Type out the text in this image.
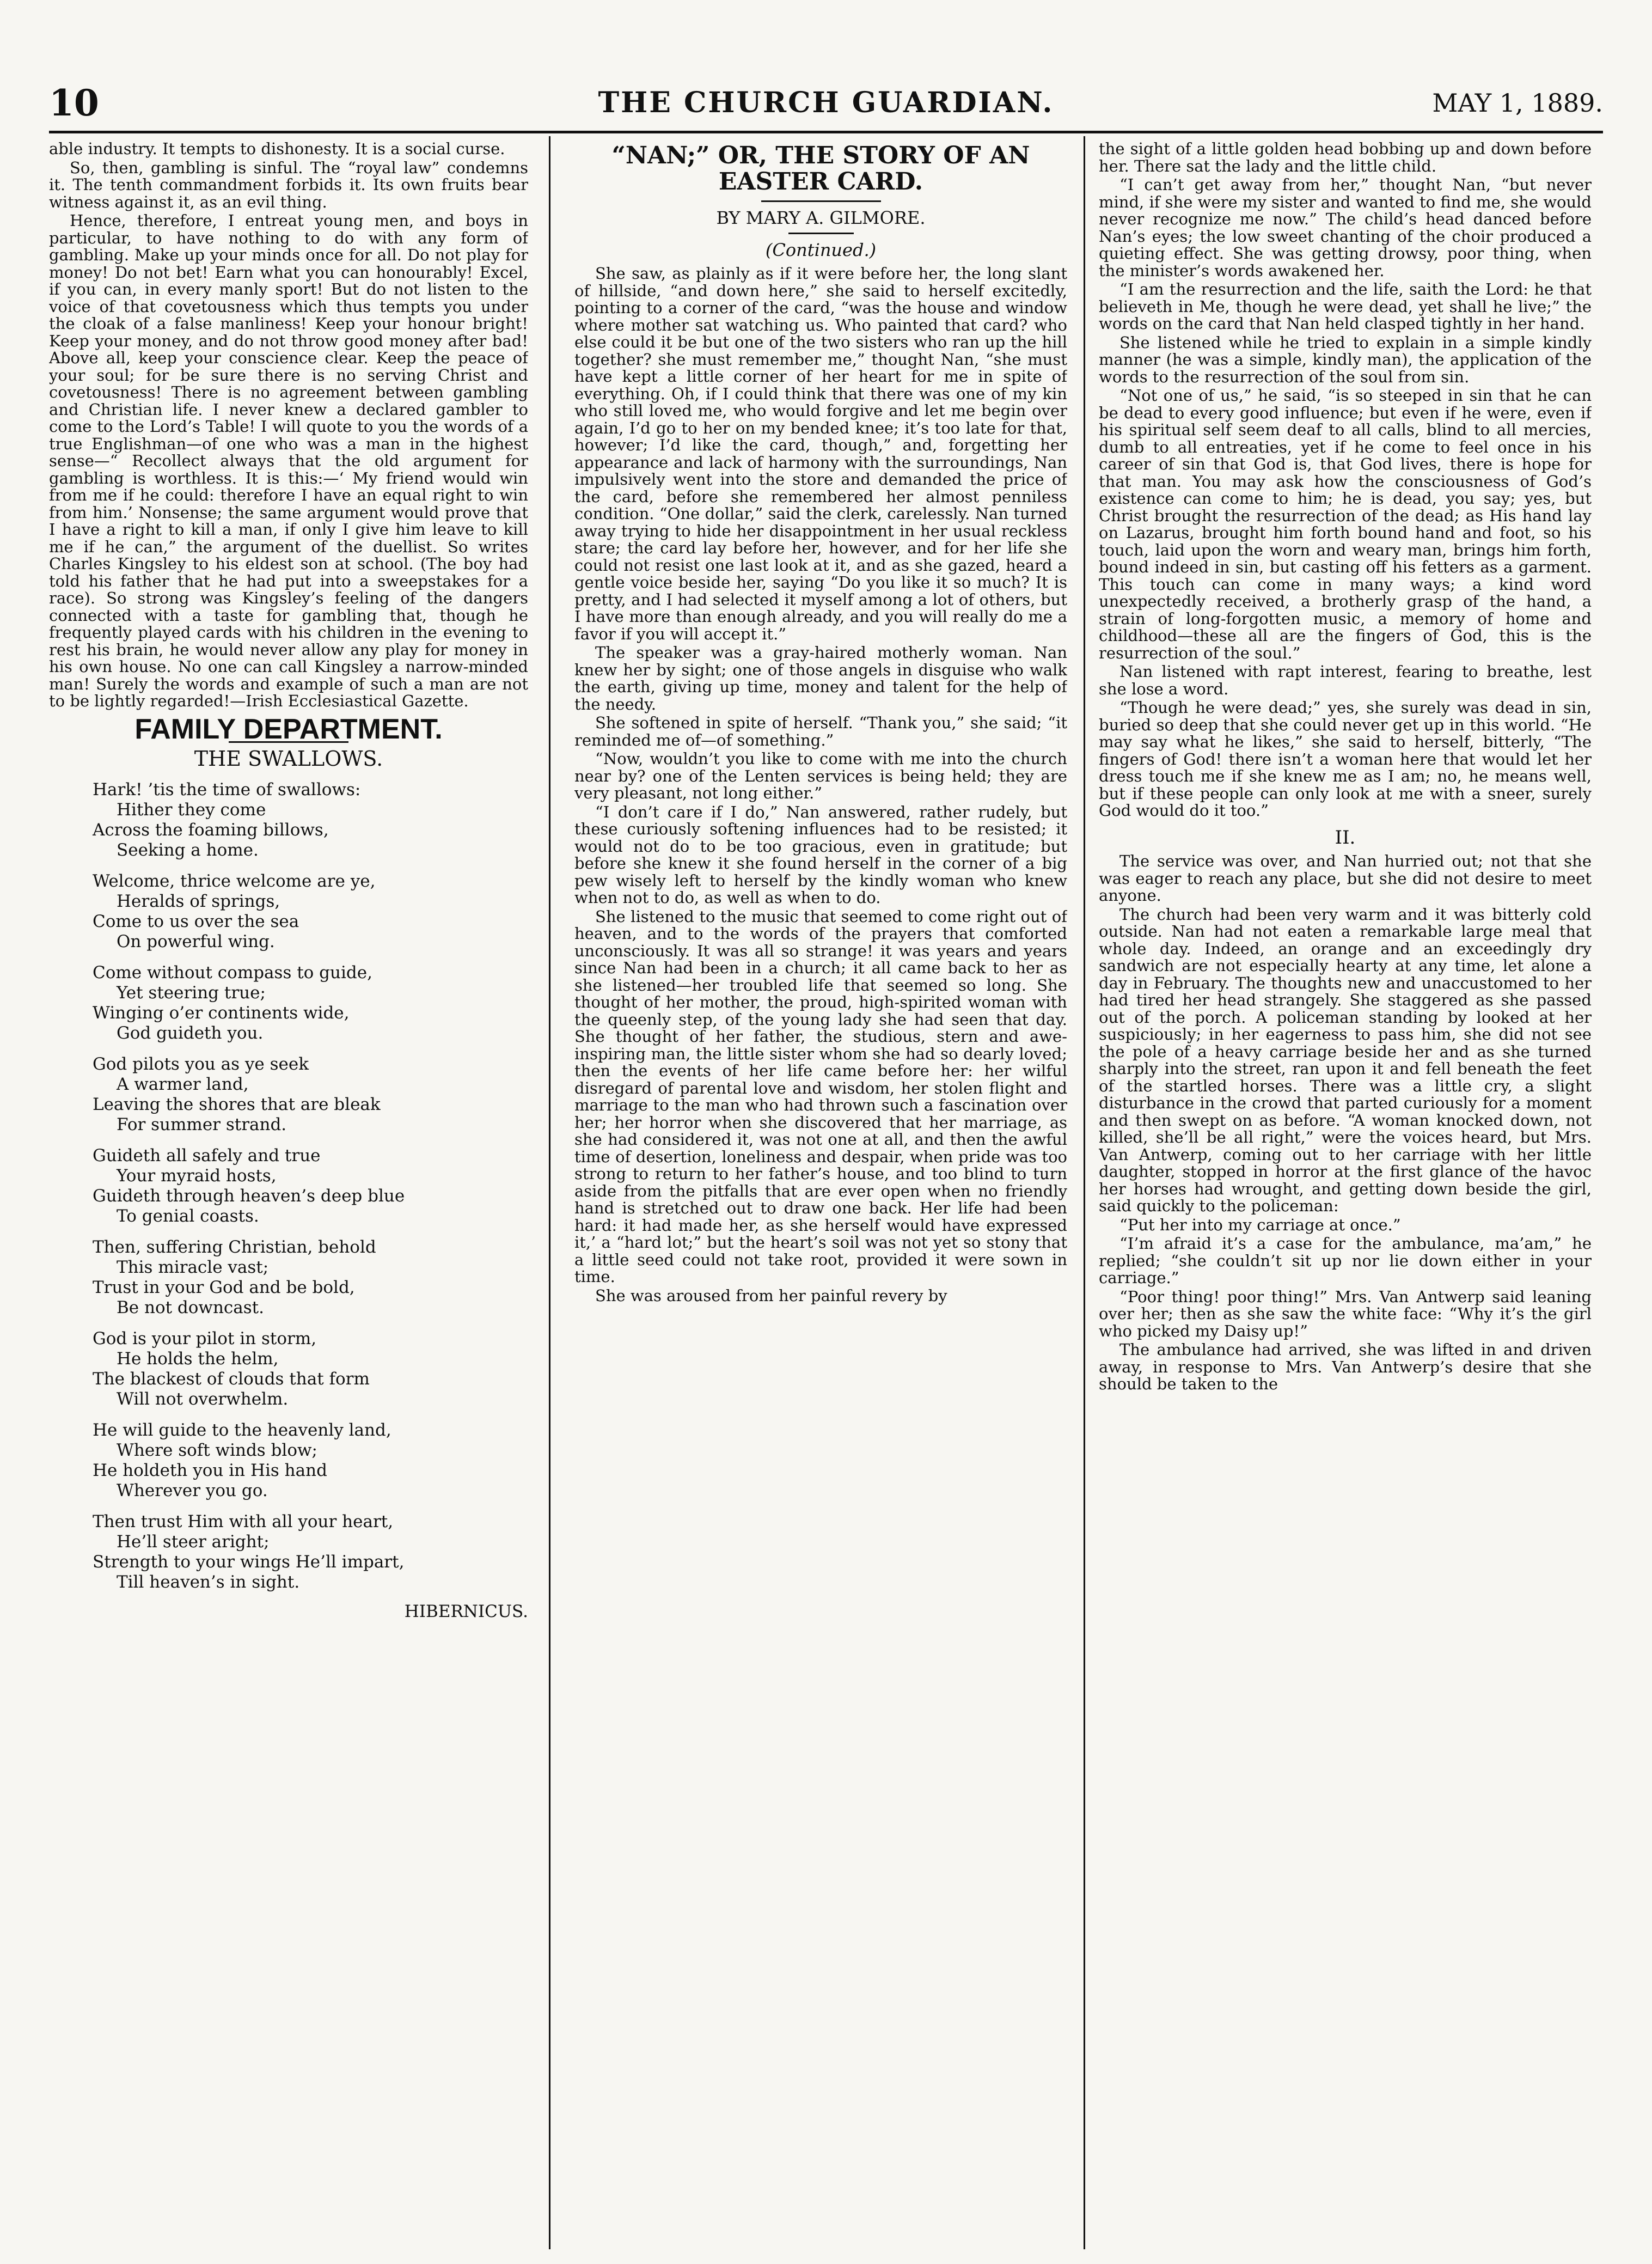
10	THE CHURCH GUARDIAN.	MAY 1, 1889.

able industry. It tempts to dishonesty. It is a social curse.

So, then, gambling is sinful. The “royal law” condemns it. The tenth commandment forbids it. Its own fruits bear witness against it, as an evil thing.

Hence, therefore, I entreat young men, and boys in particular, to have nothing to do with any form of gambling. Make up your minds once for all. Do not play for money! Do not bet! Earn what you can honourably! Excel, if you can, in every manly sport! But do not listen to the voice of that covetousness which thus tempts you under the cloak of a false manliness! Keep your honour bright! Keep your money, and do not throw good money after bad! Above all, keep your conscience clear. Keep the peace of your soul; for be sure there is no serving Christ and covetousness! There is no agreement between gambling and Christian life. I never knew a declared gambler to come to the Lord’s Table! I will quote to you the words of a true Englishman—of one who was a man in the highest sense—“ Recollect always that the old argument for gambling is worthless. It is this:—‘ My friend would win from me if he could: therefore I have an equal right to win from him.’ Nonsense; the same argument would prove that I have a right to kill a man, if only I give him leave to kill me if he can,” the argument of the duellist. So writes Charles Kingsley to his eldest son at school. (The boy had told his father that he had put into a sweepstakes for a race). So strong was Kingsley’s feeling of the dangers connected with a taste for gambling that, though he frequently played cards with his children in the evening to rest his brain, he would never allow any play for money in his own house. No one can call Kingsley a narrow-minded man! Surely the words and example of such a man are not to be lightly regarded!—Irish Ecclesiastical Gazette.

FAMILY DEPARTMENT.
THE SWALLOWS.
Hark! ’tis the time of swallows:
Hither they come
Across the foaming billows,
Seeking a home.
Welcome, thrice welcome are ye,
Heralds of springs,
Come to us over the sea
On powerful wing.
Come without compass to guide,
Yet steering true;
Winging o’er continents wide,
God guideth you.
God pilots you as ye seek
A warmer land,
Leaving the shores that are bleak
For summer strand.
Guideth all safely and true
Your myraid hosts,
Guideth through heaven’s deep blue
To genial coasts.
Then, suffering Christian, behold
This miracle vast;
Trust in your God and be bold,
Be not downcast.
God is your pilot in storm,
He holds the helm,
The blackest of clouds that form
Will not overwhelm.
He will guide to the heavenly land,
Where soft winds blow;
He holdeth you in His hand
Wherever you go.
Then trust Him with all your heart,
He’ll steer aright;
Strength to your wings He’ll impart,
Till heaven’s in sight.
HIBERNICUS.
“NAN;” OR, THE STORY OF AN EASTER CARD.
BY MARY A. GILMORE.
(Continued.)

She saw, as plainly as if it were before her, the long slant of hillside, “and down here,” she said to herself excitedly, pointing to a corner of the card, “was the house and window where mother sat watching us. Who painted that card? who else could it be but one of the two sisters who ran up the hill together? she must remember me,” thought Nan, “she must have kept a little corner of her heart for me in spite of everything. Oh, if I could think that there was one of my kin who still loved me, who would forgive and let me begin over again, I’d go to her on my bended knee; it’s too late for that, however; I’d like the card, though,” and, forgetting her appearance and lack of harmony with the surroundings, Nan impulsively went into the store and demanded the price of the card, before she remembered her almost penniless condition. “One dollar,” said the clerk, carelessly. Nan turned away trying to hide her disappointment in her usual reckless stare; the card lay before her, however, and for her life she could not resist one last look at it, and as she gazed, heard a gentle voice beside her, saying “Do you like it so much? It is pretty, and I had selected it myself among a lot of others, but I have more than enough already, and you will really do me a favor if you will accept it.”

The speaker was a gray-haired motherly woman. Nan knew her by sight; one of those angels in disguise who walk the earth, giving up time, money and talent for the help of the needy.

She softened in spite of herself. “Thank you,” she said; “it reminded me of—of something.”

“Now, wouldn’t you like to come with me into the church near by? one of the Lenten services is being held; they are very pleasant, not long either.”

“I don’t care if I do,” Nan answered, rather rudely, but these curiously softening influences had to be resisted; it would not do to be too gracious, even in gratitude; but before she knew it she found herself in the corner of a big pew wisely left to herself by the kindly woman who knew when not to do, as well as when to do.

She listened to the music that seemed to come right out of heaven, and to the words of the prayers that comforted unconsciously. It was all so strange! it was years and years since Nan had been in a church; it all came back to her as she listened—her troubled life that seemed so long. She thought of her mother, the proud, high-spirited woman with the queenly step, of the young lady she had seen that day. She thought of her father, the studious, stern and awe-inspiring man, the little sister whom she had so dearly loved; then the events of her life came before her: her wilful disregard of parental love and wisdom, her stolen flight and marriage to the man who had thrown such a fascination over her; her horror when she discovered that her marriage, as she had considered it, was not one at all, and then the awful time of desertion, loneliness and despair, when pride was too strong to return to her father’s house, and too blind to turn aside from the pitfalls that are ever open when no friendly hand is stretched out to draw one back. Her life had been hard: it had made her, as she herself would have expressed it,’ a “hard lot;” but the heart’s soil was not yet so stony that a little seed could not take root, provided it were sown in time.

She was aroused from her painful revery by

the sight of a little golden head bobbing up and down before her. There sat the lady and the little child.

“I can’t get away from her,” thought Nan, “but never mind, if she were my sister and wanted to find me, she would never recognize me now.” The child’s head danced before Nan’s eyes; the low sweet chanting of the choir produced a quieting effect. She was getting drowsy, poor thing, when the minister’s words awakened her.

“I am the resurrection and the life, saith the Lord: he that believeth in Me, though he were dead, yet shall he live;” the words on the card that Nan held clasped tightly in her hand.

She listened while he tried to explain in a simple kindly manner (he was a simple, kindly man), the application of the words to the resurrection of the soul from sin.

“Not one of us,” he said, “is so steeped in sin that he can be dead to every good influence; but even if he were, even if his spiritual self seem deaf to all calls, blind to all mercies, dumb to all entreaties, yet if he come to feel once in his career of sin that God is, that God lives, there is hope for that man. You may ask how the consciousness of God’s existence can come to him; he is dead, you say; yes, but Christ brought the resurrection of the dead; as His hand lay on Lazarus, brought him forth bound hand and foot, so his touch, laid upon the worn and weary man, brings him forth, bound indeed in sin, but casting off his fetters as a garment. This touch can come in many ways; a kind word unexpectedly received, a brotherly grasp of the hand, a strain of long-forgotten music, a memory of home and childhood—these all are the fingers of God, this is the resurrection of the soul.”

Nan listened with rapt interest, fearing to breathe, lest she lose a word.

“Though he were dead;” yes, she surely was dead in sin, buried so deep that she could never get up in this world. “He may say what he likes,” she said to herself, bitterly, “The fingers of God! there isn’t a woman here that would let her dress touch me if she knew me as I am; no, he means well, but if these people can only look at me with a sneer, surely God would do it too.”

II.

The service was over, and Nan hurried out; not that she was eager to reach any place, but she did not desire to meet anyone.

The church had been very warm and it was bitterly cold outside. Nan had not eaten a remarkable large meal that whole day. Indeed, an orange and an exceedingly dry sandwich are not especially hearty at any time, let alone a day in February. The thoughts new and unaccustomed to her had tired her head strangely. She staggered as she passed out of the porch. A policeman standing by looked at her suspiciously; in her eagerness to pass him, she did not see the pole of a heavy carriage beside her and as she turned sharply into the street, ran upon it and fell beneath the feet of the startled horses. There was a little cry, a slight disturbance in the crowd that parted curiously for a moment and then swept on as before. “A woman knocked down, not killed, she’ll be all right,” were the voices heard, but Mrs. Van Antwerp, coming out to her carriage with her little daughter, stopped in horror at the first glance of the havoc her horses had wrought, and getting down beside the girl, said quickly to the policeman:

“Put her into my carriage at once.”

“I’m afraid it’s a case for the ambulance, ma’am,” he replied; “she couldn’t sit up nor lie down either in your carriage.”

“Poor thing! poor thing!” Mrs. Van Antwerp said leaning over her; then as she saw the white face: “Why it’s the girl who picked my Daisy up!”

The ambulance had arrived, she was lifted in and driven away, in response to Mrs. Van Antwerp’s desire that she should be taken to the
